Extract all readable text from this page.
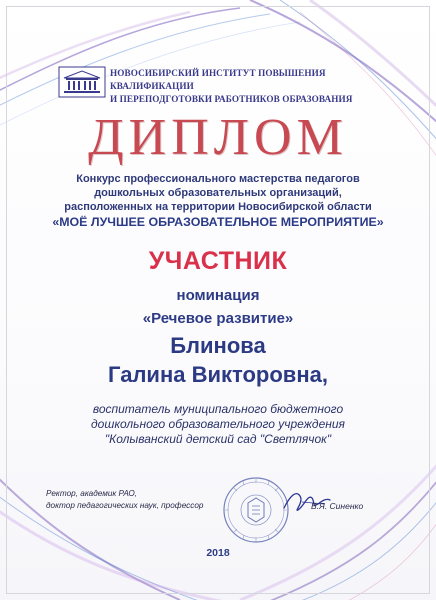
НОВОСИБИРСКИЙ ИНСТИТУТ ПОВЫШЕНИЯ КВАЛИФИКАЦИИ
И ПЕРЕПОДГОТОВКИ РАБОТНИКОВ ОБРАЗОВАНИЯ
ДИПЛОМ
Конкурс профессионального мастерства педагогов
дошкольных образовательных организаций,
расположенных на территории Новосибирской области
«МОЁ ЛУЧШЕЕ ОБРАЗОВАТЕЛЬНОЕ МЕРОПРИЯТИЕ»
УЧАСТНИК
номинация
«Речевое развитие»
Блинова
Галина Викторовна,
воспитатель муниципального бюджетного
дошкольного образовательного учреждения
"Колыванский детский сад "Светлячок"
Ректор, академик РАО,
доктор педагогических наук, профессор	В.Я. Синенко
2018
